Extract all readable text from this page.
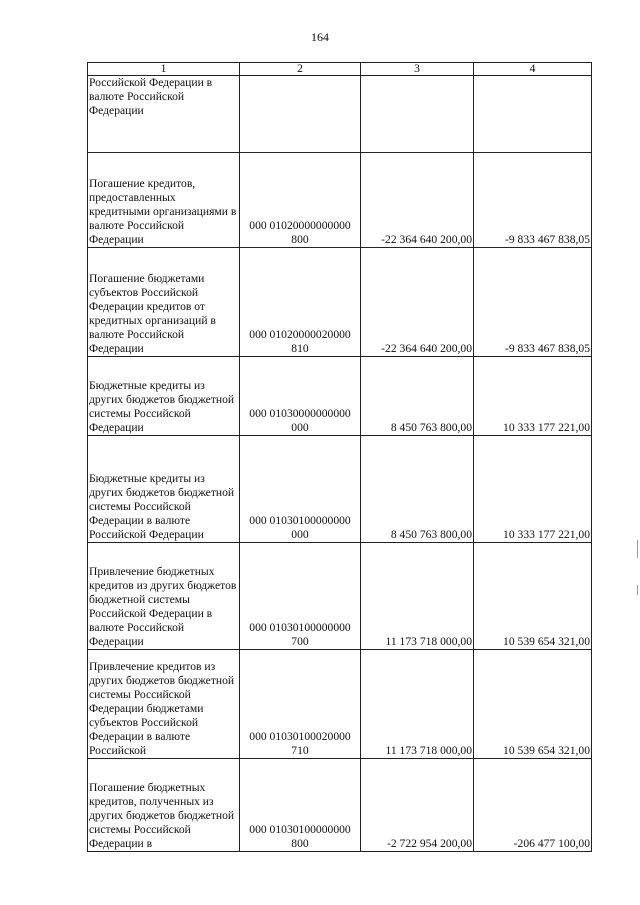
164
1	2	3	4
Российской Федерации в валюте Российской Федерации			
Погашение кредитов, предоставленных кредитными организациями в валюте Российской Федерации	000 01020000000000 800	-22 364 640 200,00	-9 833 467 838,05
Погашение бюджетами субъектов Российской Федерации кредитов от кредитных организаций в валюте Российской Федерации	000 01020000020000 810	-22 364 640 200,00	-9 833 467 838,05
Бюджетные кредиты из других бюджетов бюджетной системы Российской Федерации	000 01030000000000 000	8 450 763 800,00	10 333 177 221,00
Бюджетные кредиты из других бюджетов бюджетной системы Российской Федерации в валюте Российской Федерации	000 01030100000000 000	8 450 763 800,00	10 333 177 221,00
Привлечение бюджетных кредитов из других бюджетов бюджетной системы Российской Федерации в валюте Российской Федерации	000 01030100000000 700	11 173 718 000,00	10 539 654 321,00
Привлечение кредитов из других бюджетов бюджетной системы Российской Федерации бюджетами субъектов Российской Федерации в валюте Российской	000 01030100020000 710	11 173 718 000,00	10 539 654 321,00
Погашение бюджетных кредитов, полученных из других бюджетов бюджетной системы Российской Федерации в	000 01030100000000 800	-2 722 954 200,00	-206 477 100,00
